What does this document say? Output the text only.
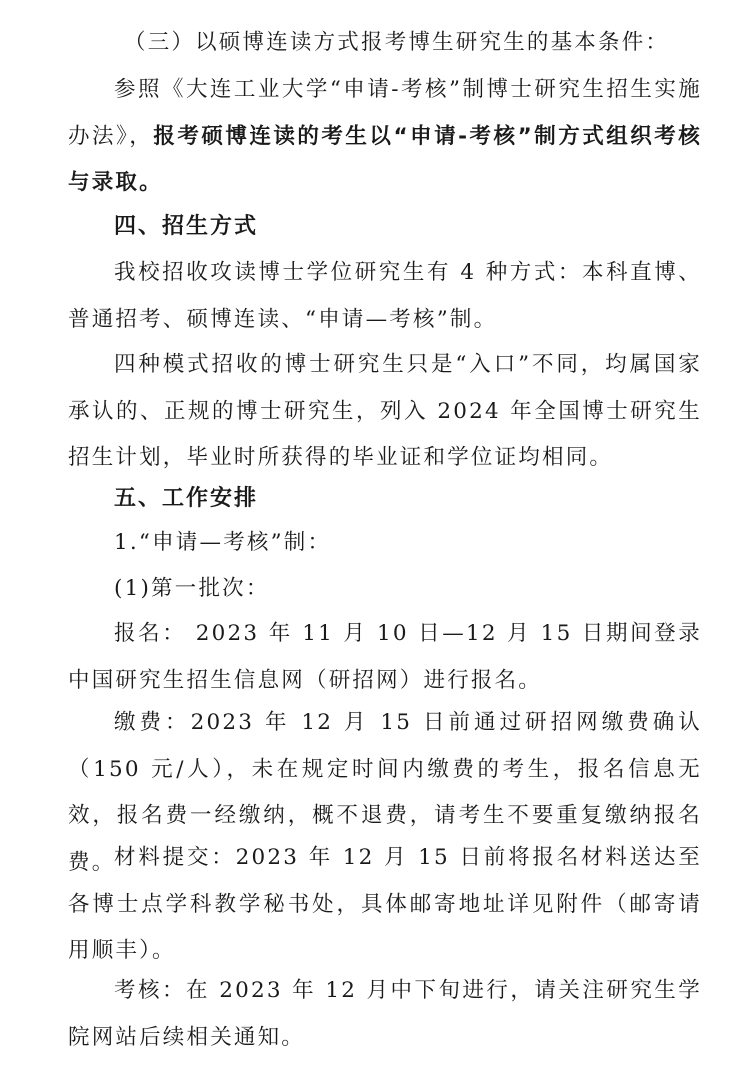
（三）以硕博连读方式报考博生研究生的基本条件：

参照《大连工业大学“申请-考核”制博士研究生招生实施办法》，报考硕博连读的考生以“申请-考核”制方式组织考核与录取。

四、招生方式

我校招收攻读博士学位研究生有 4 种方式：本科直博、普通招考、硕博连读、“申请—考核”制。

四种模式招收的博士研究生只是“入口”不同，均属国家承认的、正规的博士研究生，列入 2024 年全国博士研究生招生计划，毕业时所获得的毕业证和学位证均相同。

五、工作安排

1.“申请—考核”制：

(1)第一批次：

报名： 2023 年 11 月 10 日—12 月 15 日期间登录中国研究生招生信息网（研招网）进行报名。

缴费：2023 年 12 月 15 日前通过研招网缴费确认（150 元/人），未在规定时间内缴费的考生，报名信息无效，报名费一经缴纳，概不退费，请考生不要重复缴纳报名费。

材料提交：2023 年 12 月 15 日前将报名材料送达至各博士点学科教学秘书处，具体邮寄地址详见附件（邮寄请用顺丰）。

考核：在 2023 年 12 月中下旬进行，请关注研究生学院网站后续相关通知。
